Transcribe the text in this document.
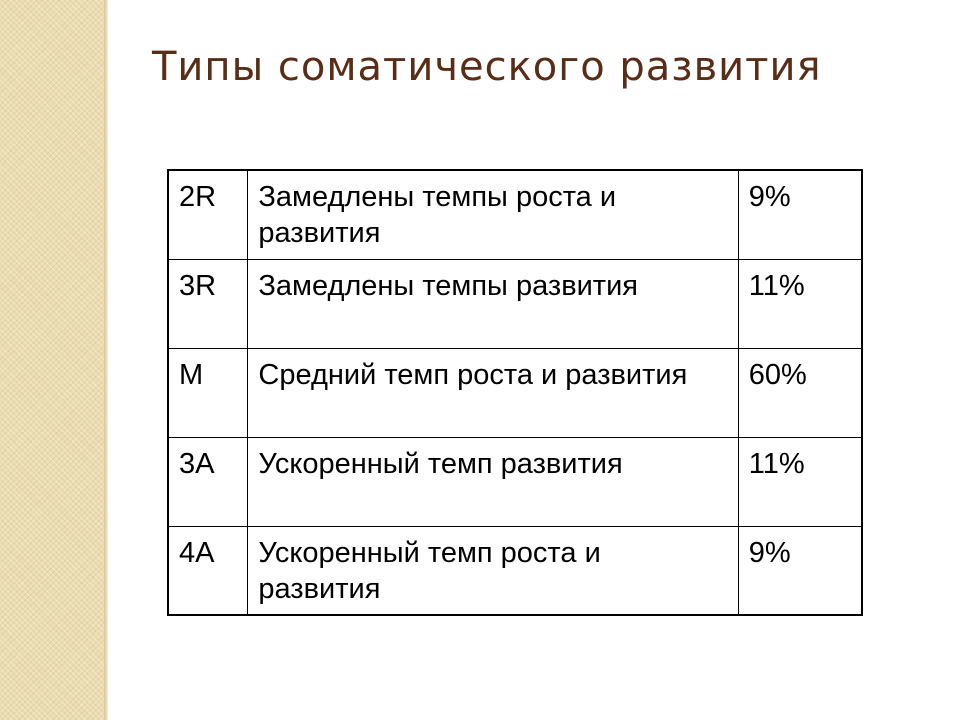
Типы соматического развития
2R	Замедлены темпы роста и развития	9%
3R	Замедлены темпы развития	11%
M	Средний темп роста и развития	60%
3A	Ускоренный темп развития	11%
4A	Ускоренный темп роста и развития	9%
